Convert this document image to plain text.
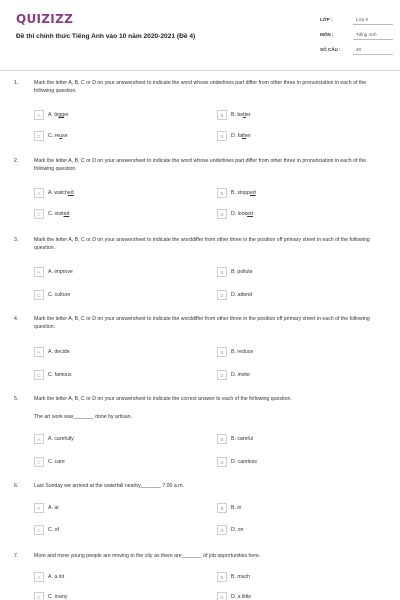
QUIZIZZ
Đề thi chính thức Tiếng Anh vào 10 năm 2020-2021 (Đề 4)
LỚP :	Lớp 9
MÔN :	Tiếng Anh
SỐ CÂU :	40
1.	Mark the letter A, B, C or D on your answersheet to indicate the word whose underlines part differ from other three in pronunciation in each of the following question.
A	A. bigger	B	B. better
C	C. reuse	D	D. father
2.	Mark the letter A, B, C or D on your answersheet to indicate the word whose underlines part differ from other three in pronunciation in each of the following question.
A	A. watched	B	B. stopped
C	C. visited	D	D. looked
3.	Mark the letter A, B, C or D on your answersheet to indicate the worddiffer from other three in the position off primary street in each of the following question.
A	A. improve	B	B. pollute
C	C. culture	D	D. attend
4.	Mark the letter A, B, C or D on your answersheet to indicate the worddiffer from other three in the position off primary street in each of the following question.
A	A. decide	B	B. reduce
C	C. famous	D	D. invite
5.	Mark the letter A, B, C or D on your answersheet to indicate the correct answer to each of the following question.
The art work was_______ done by artisan.
A	A. carefully	B	B. careful
C	C. care	D	D. careless
6.	Last Sunday we arrived at the waterfall nearby_______ 7.00 a.m.
A	A. at	B	B. in
C	C. of	D	D. on
7.	More and more young people are moving to the city as there are_______ of job opportunities here.
A	A. a lot	B	B. much
C	C. many	D	D. a little
